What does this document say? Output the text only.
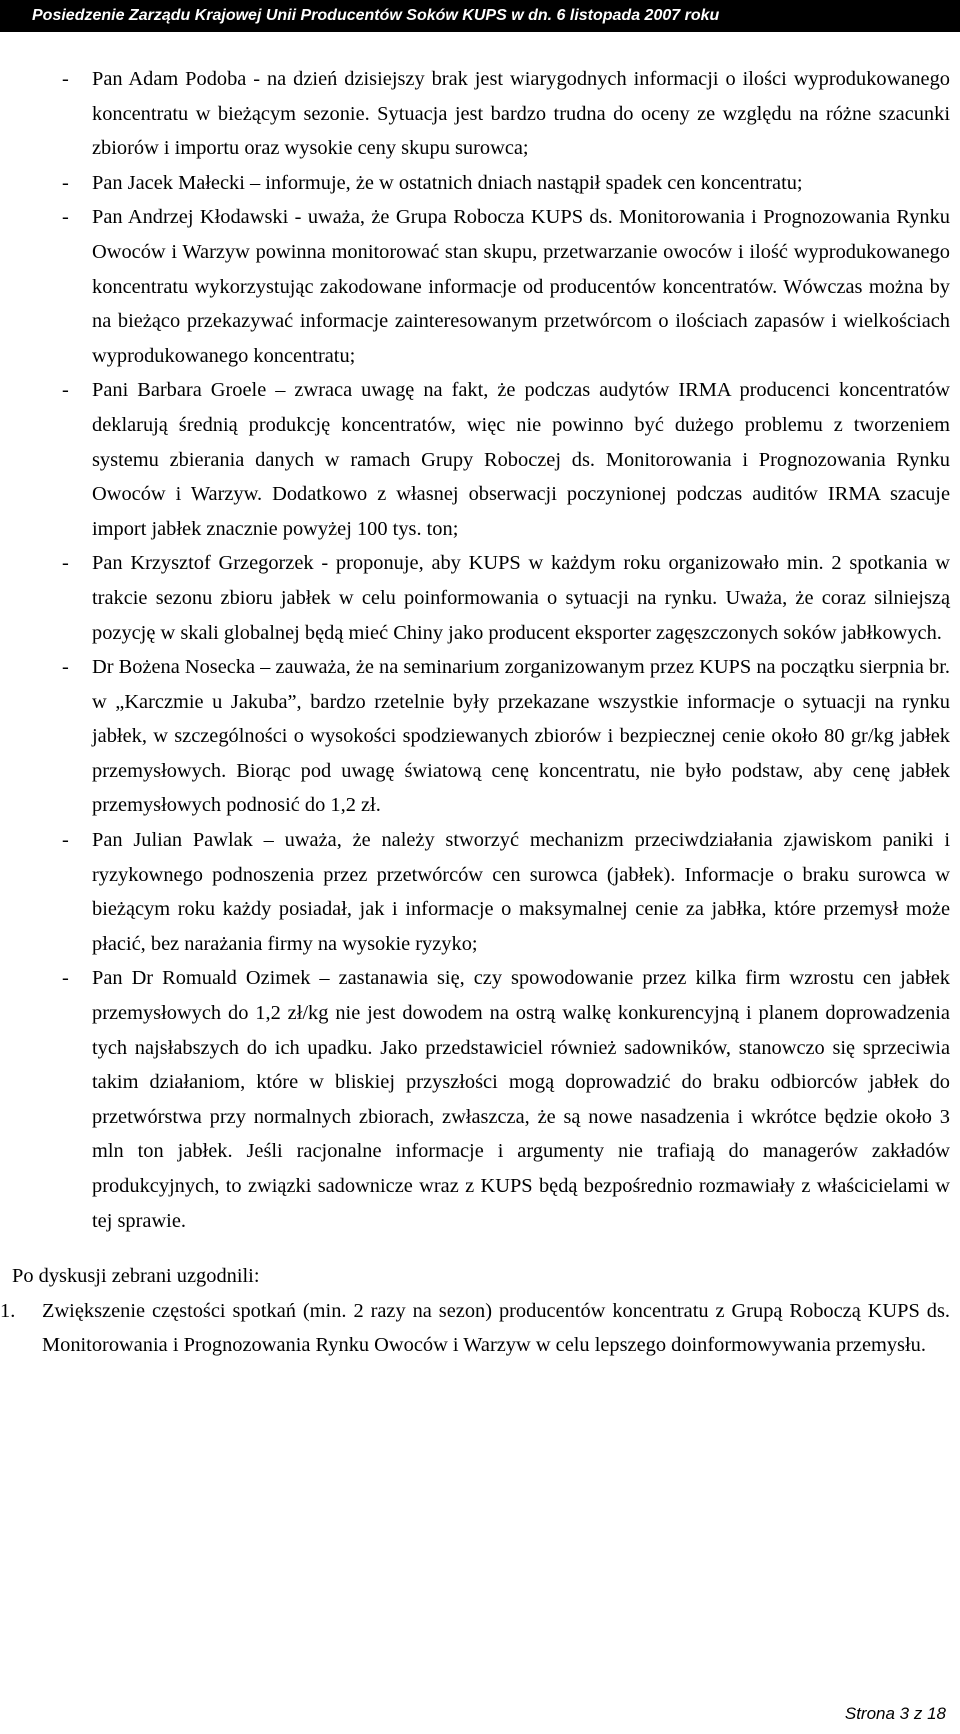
Posiedzenie Zarządu Krajowej Unii Producentów Soków KUPS w dn. 6 listopada 2007 roku
- Pan Adam Podoba - na dzień dzisiejszy brak jest wiarygodnych informacji o ilości wyprodukowanego koncentratu w bieżącym sezonie. Sytuacja jest bardzo trudna do oceny ze względu na różne szacunki zbiorów i importu oraz wysokie ceny skupu surowca;
- Pan Jacek Małecki – informuje, że w ostatnich dniach nastąpił spadek cen koncentratu;
- Pan Andrzej Kłodawski - uważa, że Grupa Robocza KUPS ds. Monitorowania i Prognozowania Rynku Owoców i Warzyw powinna monitorować stan skupu, przetwarzanie owoców i ilość wyprodukowanego koncentratu wykorzystując zakodowane informacje od producentów koncentratów. Wówczas można by na bieżąco przekazywać informacje zainteresowanym przetwórcom o ilościach zapasów i wielkościach wyprodukowanego koncentratu;
- Pani Barbara Groele – zwraca uwagę na fakt, że podczas audytów IRMA producenci koncentratów deklarują średnią produkcję koncentratów, więc nie powinno być dużego problemu z tworzeniem systemu zbierania danych w ramach Grupy Roboczej ds. Monitorowania i Prognozowania Rynku Owoców i Warzyw. Dodatkowo z własnej obserwacji poczynionej podczas auditów IRMA szacuje import jabłek znacznie powyżej 100 tys. ton;
- Pan Krzysztof Grzegorzek - proponuje, aby KUPS w każdym roku organizowało min. 2 spotkania w trakcie sezonu zbioru jabłek w celu poinformowania o sytuacji na rynku. Uważa, że coraz silniejszą pozycję w skali globalnej będą mieć Chiny jako producent eksporter zagęszczonych soków jabłkowych.
- Dr Bożena Nosecka – zauważa, że na seminarium zorganizowanym przez KUPS na początku sierpnia br. w „Karczmie u Jakuba”, bardzo rzetelnie były przekazane wszystkie informacje o sytuacji na rynku jabłek, w szczególności o wysokości spodziewanych zbiorów i bezpiecznej cenie około 80 gr/kg jabłek przemysłowych. Biorąc pod uwagę światową cenę koncentratu, nie było podstaw, aby cenę jabłek przemysłowych podnosić do 1,2 zł.
- Pan Julian Pawlak – uważa, że należy stworzyć mechanizm przeciwdziałania zjawiskom paniki i ryzykownego podnoszenia przez przetwórców cen surowca (jabłek). Informacje o braku surowca w bieżącym roku każdy posiadał, jak i informacje o maksymalnej cenie za jabłka, które przemysł może płacić, bez narażania firmy na wysokie ryzyko;
- Pan Dr Romuald Ozimek – zastanawia się, czy spowodowanie przez kilka firm wzrostu cen jabłek przemysłowych do 1,2 zł/kg nie jest dowodem na ostrą walkę konkurencyjną i planem doprowadzenia tych najsłabszych do ich upadku. Jako przedstawiciel również sadowników, stanowczo się sprzeciwia takim działaniom, które w bliskiej przyszłości mogą doprowadzić do braku odbiorców jabłek do przetwórstwa przy normalnych zbiorach, zwłaszcza, że są nowe nasadzenia i wkrótce będzie około 3 mln ton jabłek. Jeśli racjonalne informacje i argumenty nie trafiają do managerów zakładów produkcyjnych, to związki sadownicze wraz z KUPS będą bezpośrednio rozmawiały z właścicielami w tej sprawie.
Po dyskusji zebrani uzgodnili:
1. Zwiększenie częstości spotkań (min. 2 razy na sezon) producentów koncentratu z Grupą Roboczą KUPS ds. Monitorowania i Prognozowania Rynku Owoców i Warzyw w celu lepszego doinformowywania przemysłu.
Strona 3 z 18
